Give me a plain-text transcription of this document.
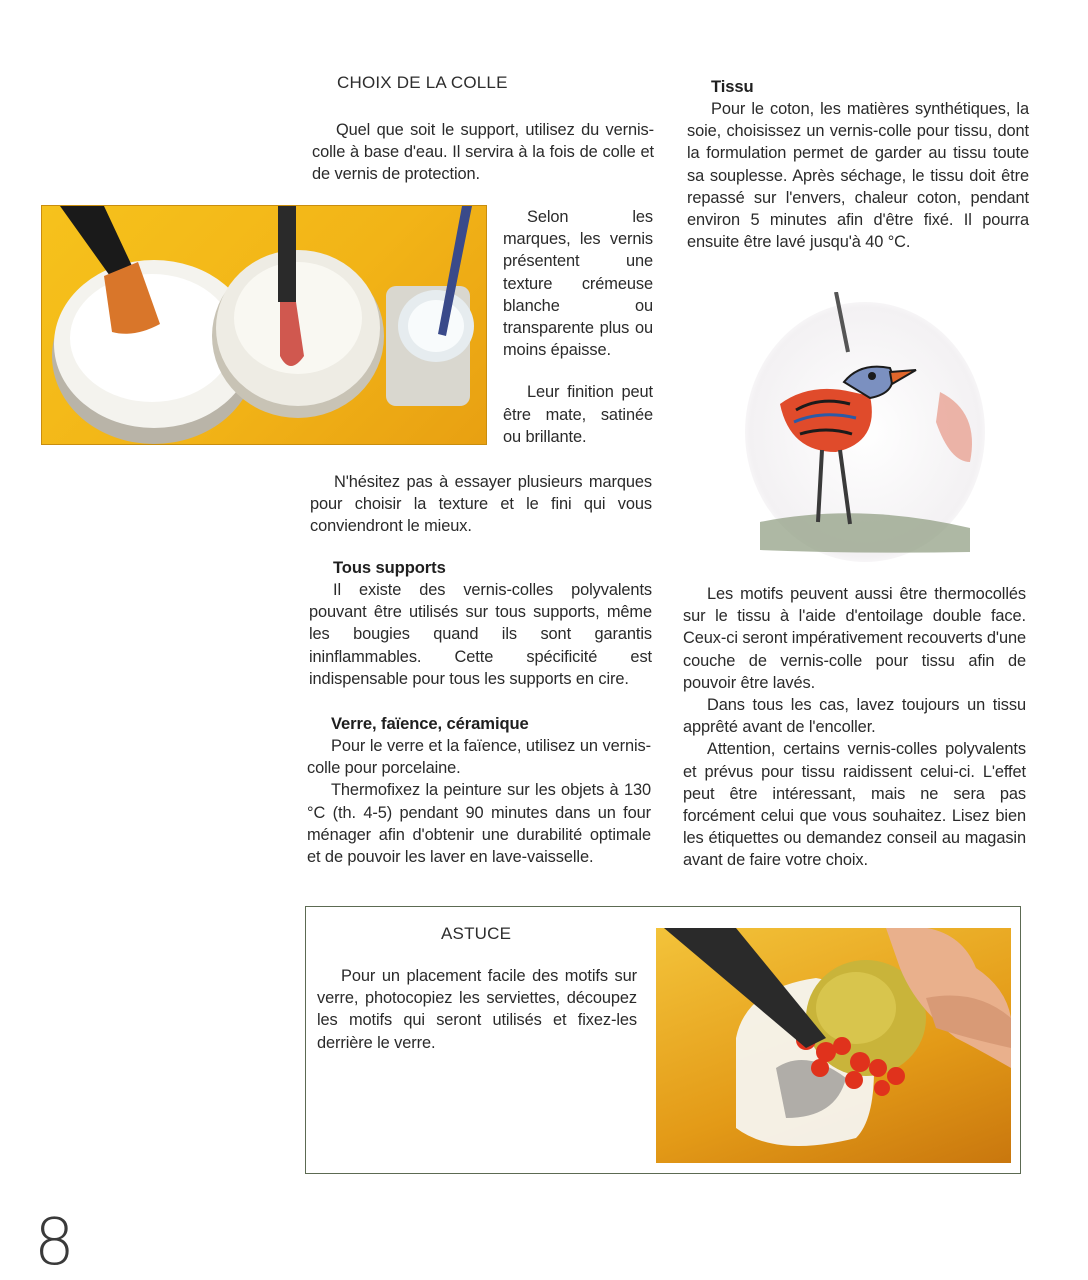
CHOIX DE LA COLLE

Quel que soit le support, utilisez du vernis-colle à base d'eau. Il servira à la fois de colle et de vernis de protection.

Selon les marques, les vernis présentent une texture crémeuse blanche ou transparente plus ou moins épaisse.

Leur finition peut être mate, satinée ou brillante.

N'hésitez pas à essayer plusieurs marques pour choisir la texture et le fini qui vous conviendront le mieux.

Tous supports

Il existe des vernis-colles polyvalents pouvant être utilisés sur tous supports, même les bougies quand ils sont garantis ininflammables. Cette spécificité est indispensable pour tous les supports en cire.

Verre, faïence, céramique

Pour le verre et la faïence, utilisez un vernis-colle pour porcelaine.

Thermofixez la peinture sur les objets à 130 °C (th. 4-5) pendant 90 minutes dans un four ménager afin d'obtenir une durabilité optimale et de pouvoir les laver en lave-vaisselle.

Tissu

Pour le coton, les matières synthétiques, la soie, choisissez un vernis-colle pour tissu, dont la formulation permet de garder au tissu toute sa souplesse. Après séchage, le tissu doit être repassé sur l'envers, chaleur coton, pendant environ 5 minutes afin d'être fixé. Il pourra ensuite être lavé jusqu'à 40 °C.

Les motifs peuvent aussi être thermocollés sur le tissu à l'aide d'entoilage double face. Ceux-ci seront impérativement recouverts d'une couche de vernis-colle pour tissu afin de pouvoir être lavés.

Dans tous les cas, lavez toujours un tissu apprêté avant de l'encoller.

Attention, certains vernis-colles polyvalents et prévus pour tissu raidissent celui-ci. L'effet peut être intéressant, mais ne sera pas forcément celui que vous souhaitez. Lisez bien les étiquettes ou demandez conseil au magasin avant de faire votre choix.

ASTUCE

Pour un placement facile des motifs sur verre, photocopiez les serviettes, découpez les motifs qui seront utilisés et fixez-les derrière le verre.

8
